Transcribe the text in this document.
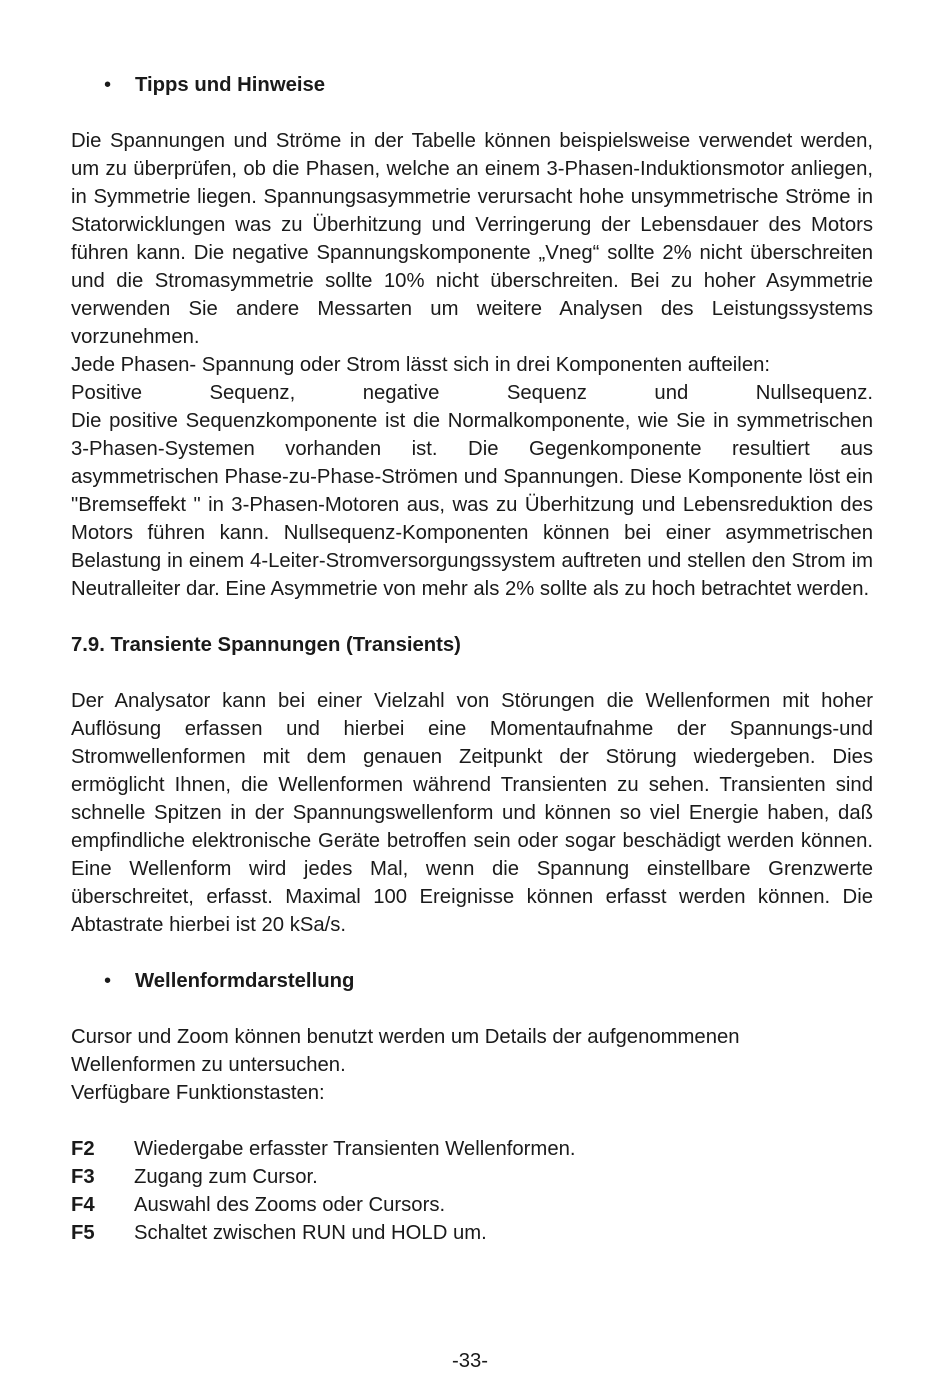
•	Tipps und Hinweise

Die Spannungen und Ströme in der Tabelle können beispielsweise verwendet werden, um zu überprüfen, ob die Phasen, welche an einem 3-Phasen-Induktionsmotor anliegen, in Symmetrie liegen. Spannungsasymmetrie verursacht hohe unsymmetrische Ströme in Statorwicklungen was zu Überhitzung und Verringerung der Lebensdauer des Motors führen kann. Die negative Spannungskomponente „Vneg“ sollte 2% nicht überschreiten und die Stromasymmetrie sollte 10% nicht überschreiten. Bei zu hoher Asymmetrie verwenden Sie andere Messarten um weitere Analysen des Leistungssystems vorzunehmen.

Jede Phasen- Spannung oder Strom lässt sich in drei Komponenten aufteilen:

Positive Sequenz, negative Sequenz und Nullsequenz.

Die positive Sequenzkomponente ist die Normalkomponente, wie Sie in symmetrischen 3-Phasen-Systemen vorhanden ist. Die Gegenkomponente resultiert aus asymmetrischen Phase-zu-Phase-Strömen und Spannungen. Diese Komponente löst ein "Bremseffekt " in 3-Phasen-Motoren aus, was zu Überhitzung und Lebensreduktion des Motors führen kann. Nullsequenz-Komponenten können bei einer asymmetrischen Belastung in einem 4-Leiter-Stromversorgungssystem auftreten und stellen den Strom im Neutralleiter dar. Eine Asymmetrie von mehr als 2% sollte als zu hoch betrachtet werden.

7.9. Transiente Spannungen (Transients)

Der Analysator kann bei einer Vielzahl von Störungen die Wellenformen mit hoher Auflösung erfassen und hierbei eine Momentaufnahme der Spannungs-und Stromwellenformen mit dem genauen Zeitpunkt der Störung wiedergeben. Dies ermöglicht Ihnen, die Wellenformen während Transienten zu sehen. Transienten sind schnelle Spitzen in der Spannungswellenform und können so viel Energie haben, daß empfindliche elektronische Geräte betroffen sein oder sogar beschädigt werden können. Eine Wellenform wird jedes Mal, wenn die Spannung einstellbare Grenzwerte überschreitet, erfasst. Maximal 100 Ereignisse können erfasst werden können. Die Abtastrate hierbei ist 20 kSa/s.

•	Wellenformdarstellung
Cursor und Zoom können benutzt werden um Details der aufgenommenen
Wellenformen zu untersuchen.
Verfügbare Funktionstasten:
F2	Wiedergabe erfasster Transienten Wellenformen.
F3	Zugang zum Cursor.
F4	Auswahl des Zooms oder Cursors.
F5	Schaltet zwischen RUN und HOLD um.
-33-
